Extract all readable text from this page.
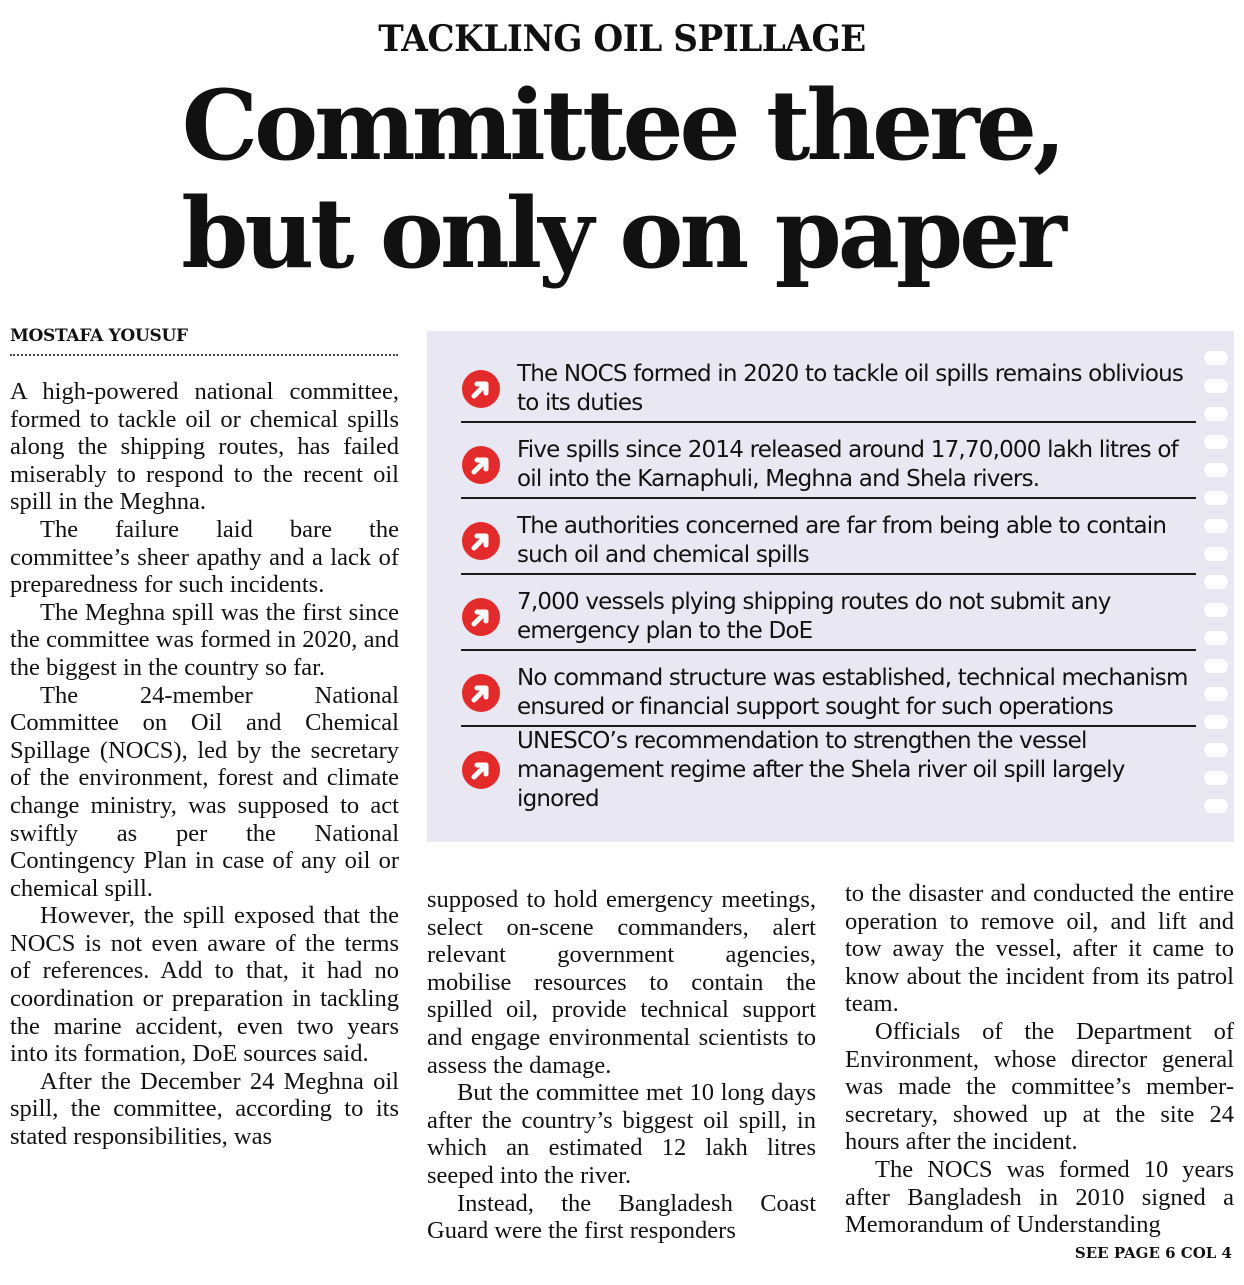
TACKLING OIL SPILLAGE
Committee there,
but only on paper
MOSTAFA YOUSUF

A high-powered national committee, formed to tackle oil or chemical spills along the shipping routes, has failed miserably to respond to the recent oil spill in the Meghna.

The failure laid bare the committee’s sheer apathy and a lack of preparedness for such incidents.

The Meghna spill was the first since the committee was formed in 2020, and the biggest in the country so far.

The 24-member National Committee on Oil and Chemical Spillage (NOCS), led by the secretary of the environment, forest and climate change ministry, was supposed to act swiftly as per the National Contingency Plan in case of any oil or chemical spill.

However, the spill exposed that the NOCS is not even aware of the terms of references. Add to that, it had no coordination or preparation in tackling the marine accident, even two years into its formation, DoE sources said.

After the December 24 Meghna oil spill, the committee, according to its stated responsibilities, was

The NOCS formed in 2020 to tackle oil spills remains oblivious to its duties
Five spills since 2014 released around 17,70,000 lakh litres of oil into the Karnaphuli, Meghna and Shela rivers.
The authorities concerned are far from being able to contain such oil and chemical spills
7,000 vessels plying shipping routes do not submit any emergency plan to the DoE
No command structure was established, technical mechanism ensured or financial support sought for such operations
UNESCO’s recommendation to strengthen the vessel management regime after the Shela river oil spill largely ignored

supposed to hold emergency meetings, select on-scene commanders, alert relevant government agencies, mobilise resources to contain the spilled oil, provide technical support and engage environmental scientists to assess the damage.

But the committee met 10 long days after the country’s biggest oil spill, in which an estimated 12 lakh litres seeped into the river.

Instead, the Bangladesh Coast Guard were the first responders

to the disaster and conducted the entire operation to remove oil, and lift and tow away the vessel, after it came to know about the incident from its patrol team.

Officials of the Department of Environment, whose director general was made the committee’s member-secretary, showed up at the site 24 hours after the incident.

The NOCS was formed 10 years after Bangladesh in 2010 signed a Memorandum of Understanding

SEE PAGE 6 COL 4
